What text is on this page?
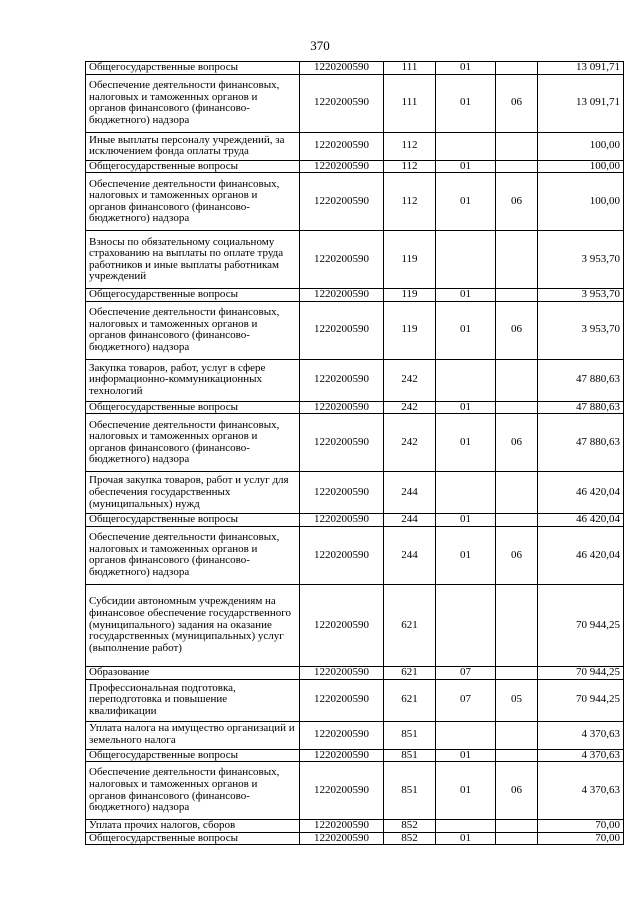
370
Общегосударственные вопросы	1220200590	111	01		13 091,71
Обеспечение деятельности финансовых, налоговых и таможенных органов и органов финансового (финансово-бюджетного) надзора	1220200590	111	01	06	13 091,71
Иные выплаты персоналу учреждений, за исключением фонда оплаты труда	1220200590	112			100,00
Общегосударственные вопросы	1220200590	112	01		100,00
Обеспечение деятельности финансовых, налоговых и таможенных органов и органов финансового (финансово-бюджетного) надзора	1220200590	112	01	06	100,00
Взносы по обязательному социальному страхованию на выплаты по оплате труда работников и иные выплаты работникам учреждений	1220200590	119			3 953,70
Общегосударственные вопросы	1220200590	119	01		3 953,70
Обеспечение деятельности финансовых, налоговых и таможенных органов и органов финансового (финансово-бюджетного) надзора	1220200590	119	01	06	3 953,70
Закупка товаров, работ, услуг в сфере информационно-коммуникационных технологий	1220200590	242			47 880,63
Общегосударственные вопросы	1220200590	242	01		47 880,63
Обеспечение деятельности финансовых, налоговых и таможенных органов и органов финансового (финансово-бюджетного) надзора	1220200590	242	01	06	47 880,63
Прочая закупка товаров, работ и услуг для обеспечения государственных (муниципальных) нужд	1220200590	244			46 420,04
Общегосударственные вопросы	1220200590	244	01		46 420,04
Обеспечение деятельности финансовых, налоговых и таможенных органов и органов финансового (финансово-бюджетного) надзора	1220200590	244	01	06	46 420,04
Субсидии автономным учреждениям на финансовое обеспечение государственного (муниципального) задания на оказание государственных (муниципальных) услуг (выполнение работ)	1220200590	621			70 944,25
Образование	1220200590	621	07		70 944,25
Профессиональная подготовка, переподготовка и повышение квалификации	1220200590	621	07	05	70 944,25
Уплата налога на имущество организаций и земельного налога	1220200590	851			4 370,63
Общегосударственные вопросы	1220200590	851	01		4 370,63
Обеспечение деятельности финансовых, налоговых и таможенных органов и органов финансового (финансово-бюджетного) надзора	1220200590	851	01	06	4 370,63
Уплата прочих налогов, сборов	1220200590	852			70,00
Общегосударственные вопросы	1220200590	852	01		70,00
